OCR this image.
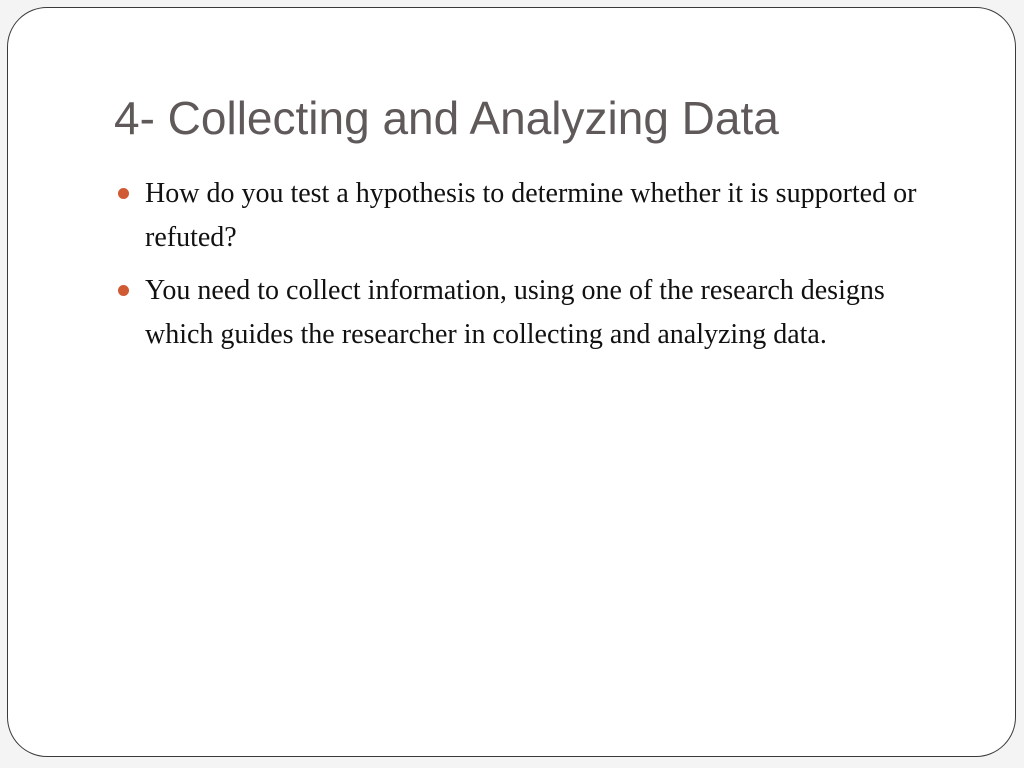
4- Collecting and Analyzing Data
How do you test a hypothesis to determine whether it is supported or refuted?
You need to collect information, using one of the research designs which guides the researcher in collecting and analyzing data.
